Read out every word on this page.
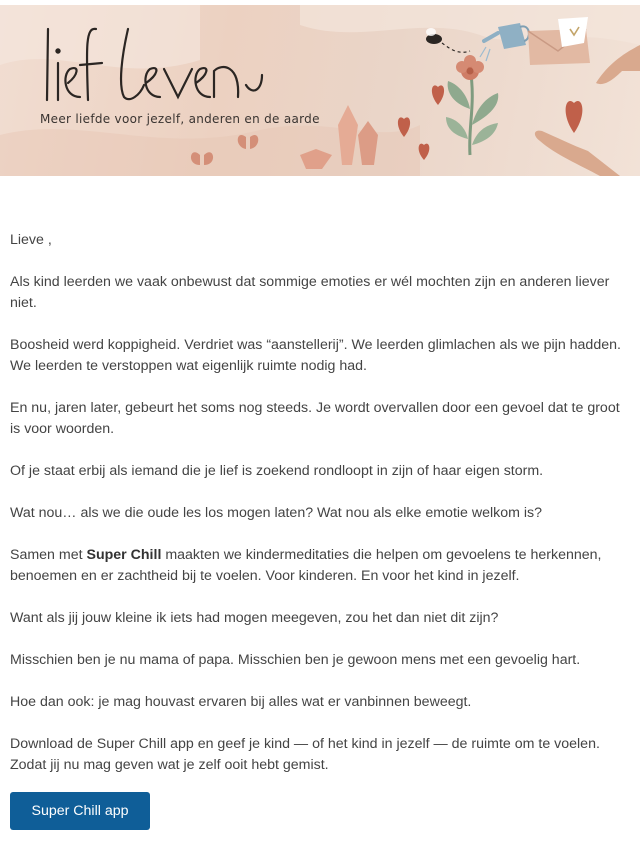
Meer liefde voor jezelf, anderen en de aarde

Lieve ,

Als kind leerden we vaak onbewust dat sommige emoties er wél mochten zijn en anderen liever niet.

Boosheid werd koppigheid. Verdriet was “aanstellerij”. We leerden glimlachen als we pijn hadden. We leerden te verstoppen wat eigenlijk ruimte nodig had.

En nu, jaren later, gebeurt het soms nog steeds. Je wordt overvallen door een gevoel dat te groot is voor woorden.

Of je staat erbij als iemand die je lief is zoekend rondloopt in zijn of haar eigen storm.

Wat nou… als we die oude les los mogen laten? Wat nou als elke emotie welkom is?

Samen met Super Chill maakten we kindermeditaties die helpen om gevoelens te herkennen, benoemen en er zachtheid bij te voelen. Voor kinderen. En voor het kind in jezelf.

Want als jij jouw kleine ik iets had mogen meegeven, zou het dan niet dit zijn?

Misschien ben je nu mama of papa. Misschien ben je gewoon mens met een gevoelig hart.

Hoe dan ook: je mag houvast ervaren bij alles wat er vanbinnen beweegt.

Download de Super Chill app en geef je kind — of het kind in jezelf — de ruimte om te voelen. Zodat jij nu mag geven wat je zelf ooit hebt gemist.

Super Chill app
